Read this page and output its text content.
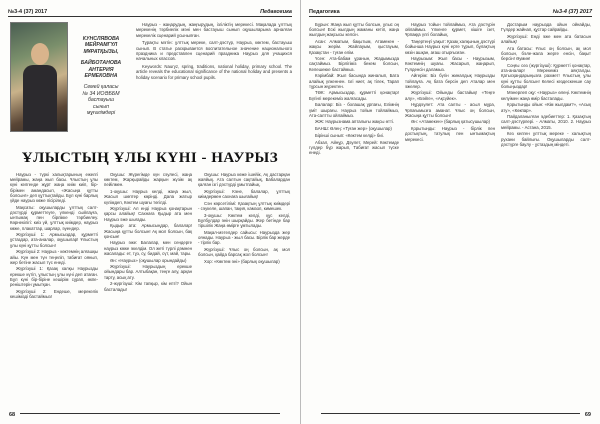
№3-4 (37) 2017	Педагогика
КУНСЛЯВОВА
МЕЙРАМГҮЛ
МҰРАТҚЫЗЫ,
БАЙБОТАНОВА
АНТЕРИЯ
ЕРМЕКОВНА
Семей қаласы
№ 34 ИОӘББМ
бастауыш
сынып
мұғалімдері

Наурыз - жаңарудың, жаңғырудың, ізгіліктің мерекесі. Мақалада ұлттық мерекенің тәрбиелік мәні мен бастауыш сынып оқушыларына арналған мерекелік сценарий ұсынылған.

Тұрақты мәтін: ұлттық мереке, салт-дәстүр, Наурыз, көктем, бастауыш сынып. В статье раскрывается воспитательное значение национального праздника и представлен сценарий праздника Наурыз для учащихся начальных классов.

Keywords: Nauryz, spring, traditions, national holiday, primary school. The article reveals the educational significance of the national holiday and presents a holiday scenario for primary school pupils.

ҰЛЫСТЫҢ ҰЛЫ КҮНІ - НАУРЫЗ

Наурыз - түркі халықтарының ежелгі мейрамы, жаңа жыл басы. Ұлыстың ұлы күні келгенде жұрт жаңа киім киіп, бір-бірімен амандасып, «Жасыңа құтты болсын!» деп құттықтайды. Бұл күні барлық үйде наурыз көже пісіріледі.

Мақсаты: оқушыларды ұлттық салт-дәстүрді құрметтеуге, үлкенді сыйлауға, ынтымақ пен бірлікке тәрбиелеу. Көрнекілігі: киіз үй, ұлттық киімдер, наурыз көже, плакаттар, шарлар, әуендер.

Жүргізуші 1: Армысыздар, құрметті ұстаздар, ата-аналар, оқушылар! Ұлыстың ұлы күні құтты болсын!

Жүргізуші 2: Наурыз - көктемнің алғашқы айы. Күн мен түн теңеліп, табиғат оянып, жер бетіне жасыл түс енеді.

Жүргізуші 1: Қазақ халқы Наурызды ерекше күтіп, ұлыстың ұлы күні деп атаған. Бұл күні бір-біріне кешірім сұрап, өкпе-реніштерін ұмытқан.

Жүргізуші 2: Ендеше, мерекелік кешімізді бастаймыз!

Оқушы: Жүрегімде күн сәулесі, жаңа көктем, Жарқырайды жарқын жүзім ақ пейілмен.

1-оқушы: Наурыз келді, жаңа жыл, Жасыл шөптер көрінді. Дала жатыр күлімдеп, Көктем шуағы төгілді.

Жүргізуші: Ал енді Наурыз қонақтарын қарсы алайық! Сахнаға Қыдыр ата мен Наурыз әже шығады.

Қыдыр ата: Армысыңдар, балалар! Жасыңа құтты болсын! Ақ мол болсын, бақ қонсын!

Наурыз әже: Балалар, мен сендерге наурыз көже әкелдім. Ол жеті түрлі дәмнен жасалады: ет, тұз, су, бидай, сүт, май, тары.

Ән: «Наурыз» (оқушылар орындайды)

Жүргізуші: Наурыздың ерекше ойындары бар. Алтыбақан, теңге алу, арқан тарту, асық ату.

2-жүргізуші: Кім тапқыр, кім епті? Ойын басталады!

Оқушы: Наурыз көже ішейік, Ақ дастарқан жаяйық. Ата салтын сақтайық, Бабалардан қалған ізгі дәстүрді ұмытпайық.

Жүргізуші: Кәне, балалар, ұлттық киімдермен сахнаға шығайық!

Сән көрсетілімі: Қазақтың ұлттық киімдері - сәукеле, шапан, тақия, камзол, кимешек.

3-оқушы: Көктем келді, құс келді, Бұлбұлдар әнін шырқайды. Жер бетінде бар тіршілік Жаңа өмірге ұмтылады.

Мақал-мәтелдер сайысы: Наурызда жер оянады. Наурыз - жыл басы. Бірлік бар жерде - тірлік бар.

Жүргізуші: Ұлыс оң болсын, ақ мол болсын, қайда барсақ жол болсын!

Хор: «Көктем әні» (барлық оқушылар)

68
Педагогика	№3-4 (37) 2017

Бұрын: Жаңа жыл құтты болсын, ұлыс оң болсын! Ескі жылдың жаманы кетіп, жаңа жылдың жақсысы келсін.

Асан: Алматым, бақытым, Атамекен - жақсы жерім. Жайлауым, қыстауым, Қазақстан - туған елім.

Үсен: Ата-бабам ұранын, Жадымызда сақтаймыз. Бірлігіміз бекем болсын, Келешекке бастаймыз.

Кәрімбай: Жыл басында жиналып, Бата алайық үлкеннен. Ізгі ниет, ақ тілек, Тарап тұрсын жүректен.

ТӨК: Армысыздар, құрметті қонақтар! Бүгінгі мерекеміз жалғасады.

Балалар: Біз - болашақ ұрпағы, Елімнің үміт шырағы. Наурыз тойын тойлаймыз, Ата-салтты ойлаймыз.

ЖЖ: Наурызнама апталығы жақсы өтті.

БАНШ: Өлең: «Туған жер» (оқушылар)

Бірінші сынып: «Көктем келді» биі.

Абзал, Айнұр, Дәулет, Мерей: Көктемде гүлдер бүр жарып, Табиғат жасыл түске енеді.

Наурыз тойын тойлаймыз, Ата дәстүрін ойлаймыз. Үлкенге құрмет, кішіге ізет, Ұрпаққа үлгі болайық.

Таңертеңгі уақыт: Қазақ халқының дәстүрі бойынша Наурыз күні ерте тұрып, бұлақтың көзін ашқан, ағаш отырғызған.

Наурызым: Жыл басы - Наурызым, Көктемнің шуағы. Жасарып, жаңарып, Гүлденсін даламыз.

Айгерім: Біз бүгін жиналдық Наурызды тойлауға. Ақ бата берсін деп Аталар мен әжелер.

Жүргізуші: Ойынды бастайық! «Теңге алу», «Бәйге», «Ақсүйек».

Нұрдәулет: Ата салты - асыл мұра, Ұрпағымызға аманат. Ұлыс оң болсын, Жасыңа құтты болсын!

Ән: «Атамекен» (барлық қатысушылар)

Қорытынды: Наурыз - бірлік пен достықтың, татулық пен ынтымақтың мерекесі.

Достарым наурызда ойын ойнайды, Гүлдер жайнап, құстар сайрайды.

Жүргізуші: Енді әже мен ата батасын алайық!

Ата батасы: Ұлыс оң болсын, ақ мол болсын, бәле-жала жерге енсін, бақыт берсін! Әумин!

Соңғы сөз (жүргізуші): Құрметті қонақтар, ата-аналар! Мерекеміз аяқталды. Қатысқандарыңызға рахмет! Ұлыстың ұлы күні құтты болсын! Келесі кездескенше сау болыңыздар!

Мәнерлеп оқу: «Наурыз» өлеңі. Көктемнің келуімен жаңа өмір басталады.

Қорытынды ойын: «Кім жылдам?», «Асық ату», «Көкпар».

Пайдаланылған әдебиеттер: 1. Қазақтың салт-дәстүрлері. - Алматы, 2010. 2. Наурыз мейрамы. - Астана, 2015.

Кез келген ұлттық мереке - халықтың рухани байлығы. Оқушыларды салт-дәстүрге баулу - ұстаздың міндеті.

69
